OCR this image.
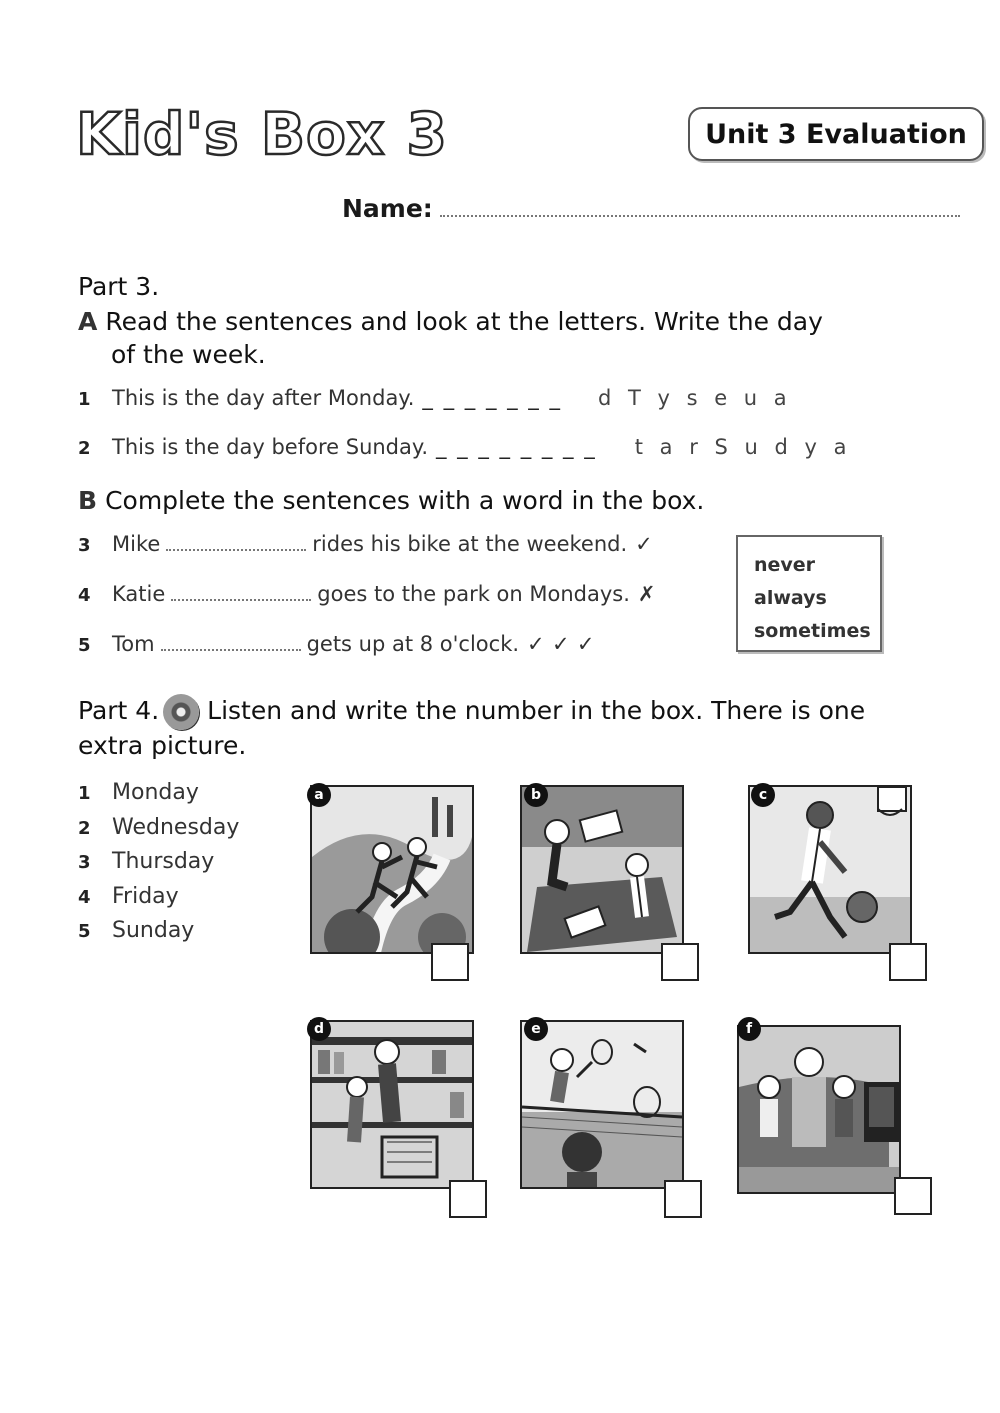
Kid's Box 3	Unit 3 Evaluation
Name:
Part 3.
A Read the sentences and look at the letters. Write the day
of the week.
1	This is the day after Monday. _ _ _ _ _ _ _ d T y s e u a
2	This is the day before Sunday. _ _ _ _ _ _ _ _ t a r S u d y a
B Complete the sentences with a word in the box.
3	Mike	rides his bike at the weekend. ✓
4	Katie	goes to the park on Mondays. ✗
5	Tom	gets up at 8 o'clock. ✓ ✓ ✓
never
always
sometimes
Part 4. Listen and write the number in the box. There is one
extra picture.
1 Monday
2 Wednesday
3 Thursday
4 Friday
5 Sunday
a	b	c
d	e	f
